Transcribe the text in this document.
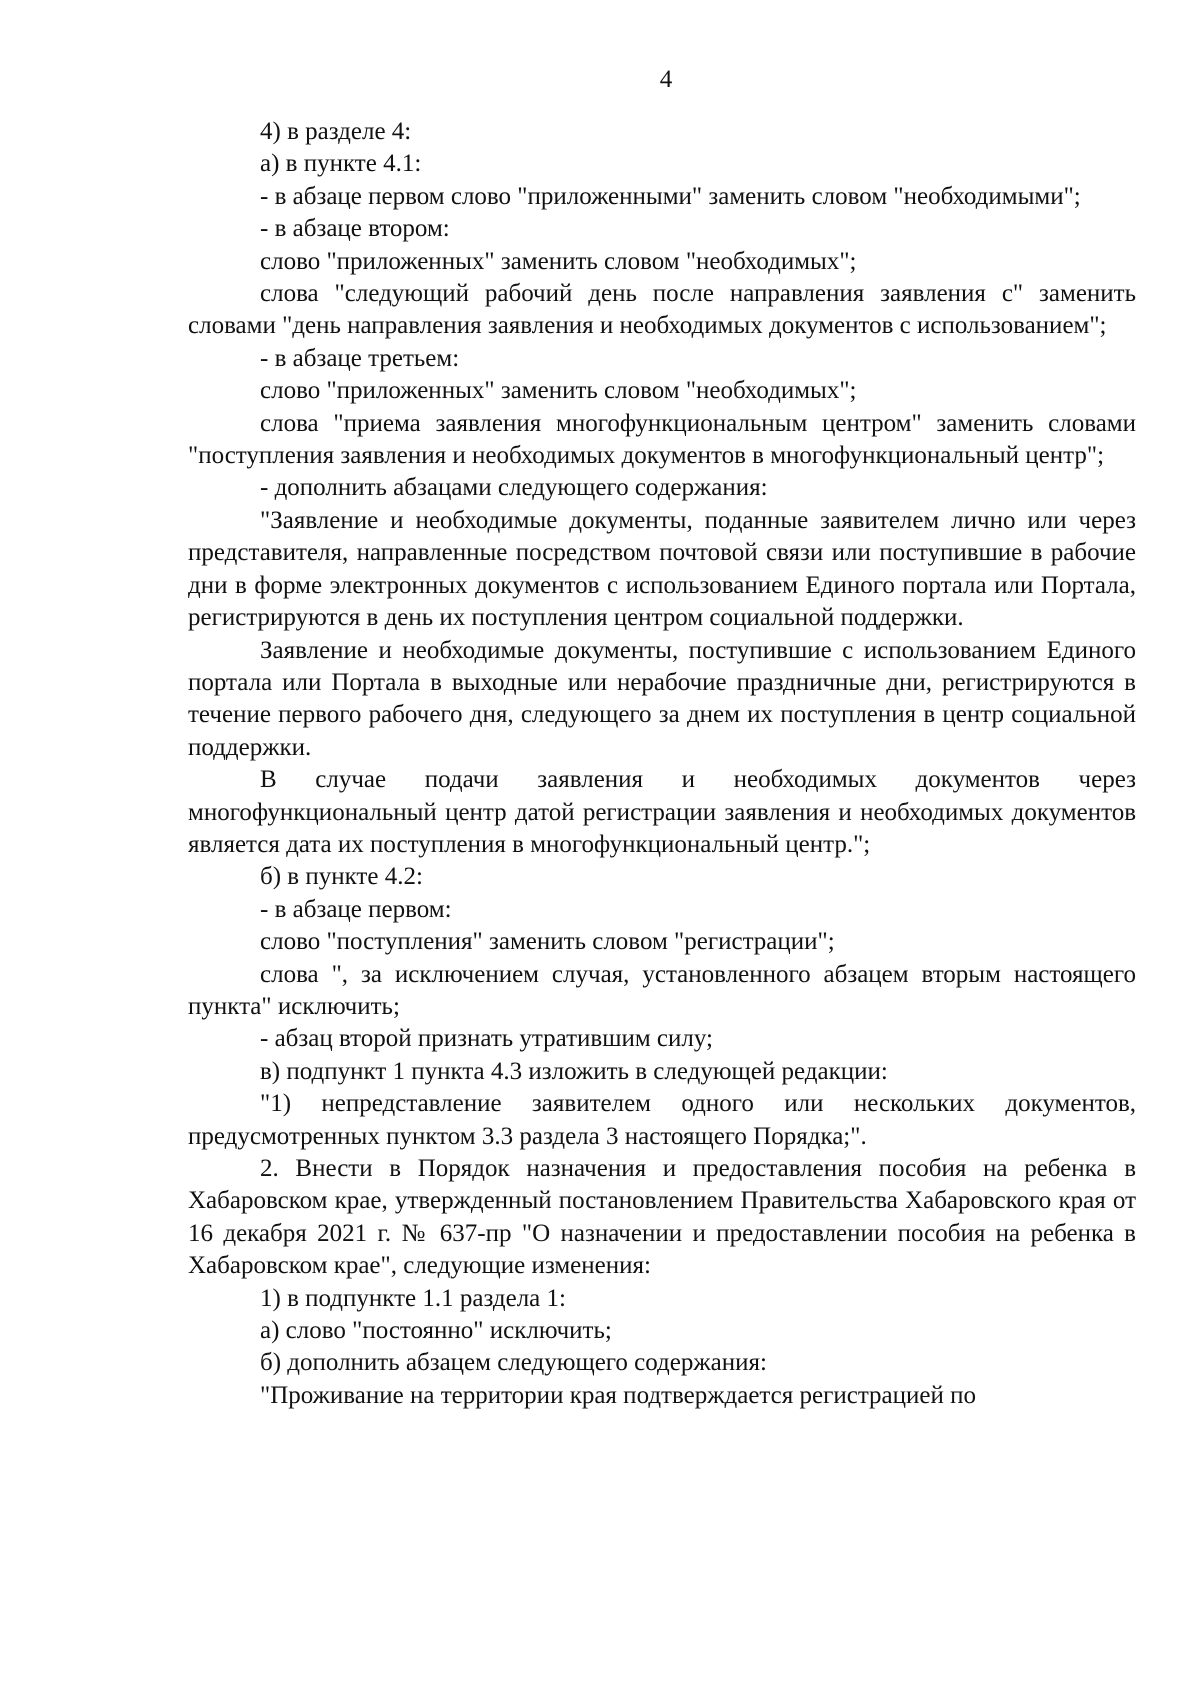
4

4) в разделе 4:

а) в пункте 4.1:

- в абзаце первом слово "приложенными" заменить словом "необходимыми";

- в абзаце втором:

слово "приложенных" заменить словом "необходимых";

слова "следующий рабочий день после направления заявления с" заменить словами "день направления заявления и необходимых документов с использованием";

- в абзаце третьем:

слово "приложенных" заменить словом "необходимых";

слова "приема заявления многофункциональным центром" заменить словами "поступления заявления и необходимых документов в многофункциональный центр";

- дополнить абзацами следующего содержания:

"Заявление и необходимые документы, поданные заявителем лично или через представителя, направленные посредством почтовой связи или поступившие в рабочие дни в форме электронных документов с использованием Единого портала или Портала, регистрируются в день их поступления центром социальной поддержки.

Заявление и необходимые документы, поступившие с использованием Единого портала или Портала в выходные или нерабочие праздничные дни, регистрируются в течение первого рабочего дня, следующего за днем их поступления в центр социальной поддержки.

В случае подачи заявления и необходимых документов через многофункциональный центр датой регистрации заявления и необходимых документов является дата их поступления в многофункциональный центр.";

б) в пункте 4.2:

- в абзаце первом:

слово "поступления" заменить словом "регистрации";

слова ", за исключением случая, установленного абзацем вторым настоящего пункта" исключить;

- абзац второй признать утратившим силу;

в) подпункт 1 пункта 4.3 изложить в следующей редакции:

"1) непредставление заявителем одного или нескольких документов, предусмотренных пунктом 3.3 раздела 3 настоящего Порядка;".

2. Внести в Порядок назначения и предоставления пособия на ребенка в Хабаровском крае, утвержденный постановлением Правительства Хабаровского края от 16 декабря 2021 г. № 637-пр "О назначении и предоставлении пособия на ребенка в Хабаровском крае", следующие изменения:

1) в подпункте 1.1 раздела 1:

а) слово "постоянно" исключить;

б) дополнить абзацем следующего содержания:

"Проживание на территории края подтверждается регистрацией по
